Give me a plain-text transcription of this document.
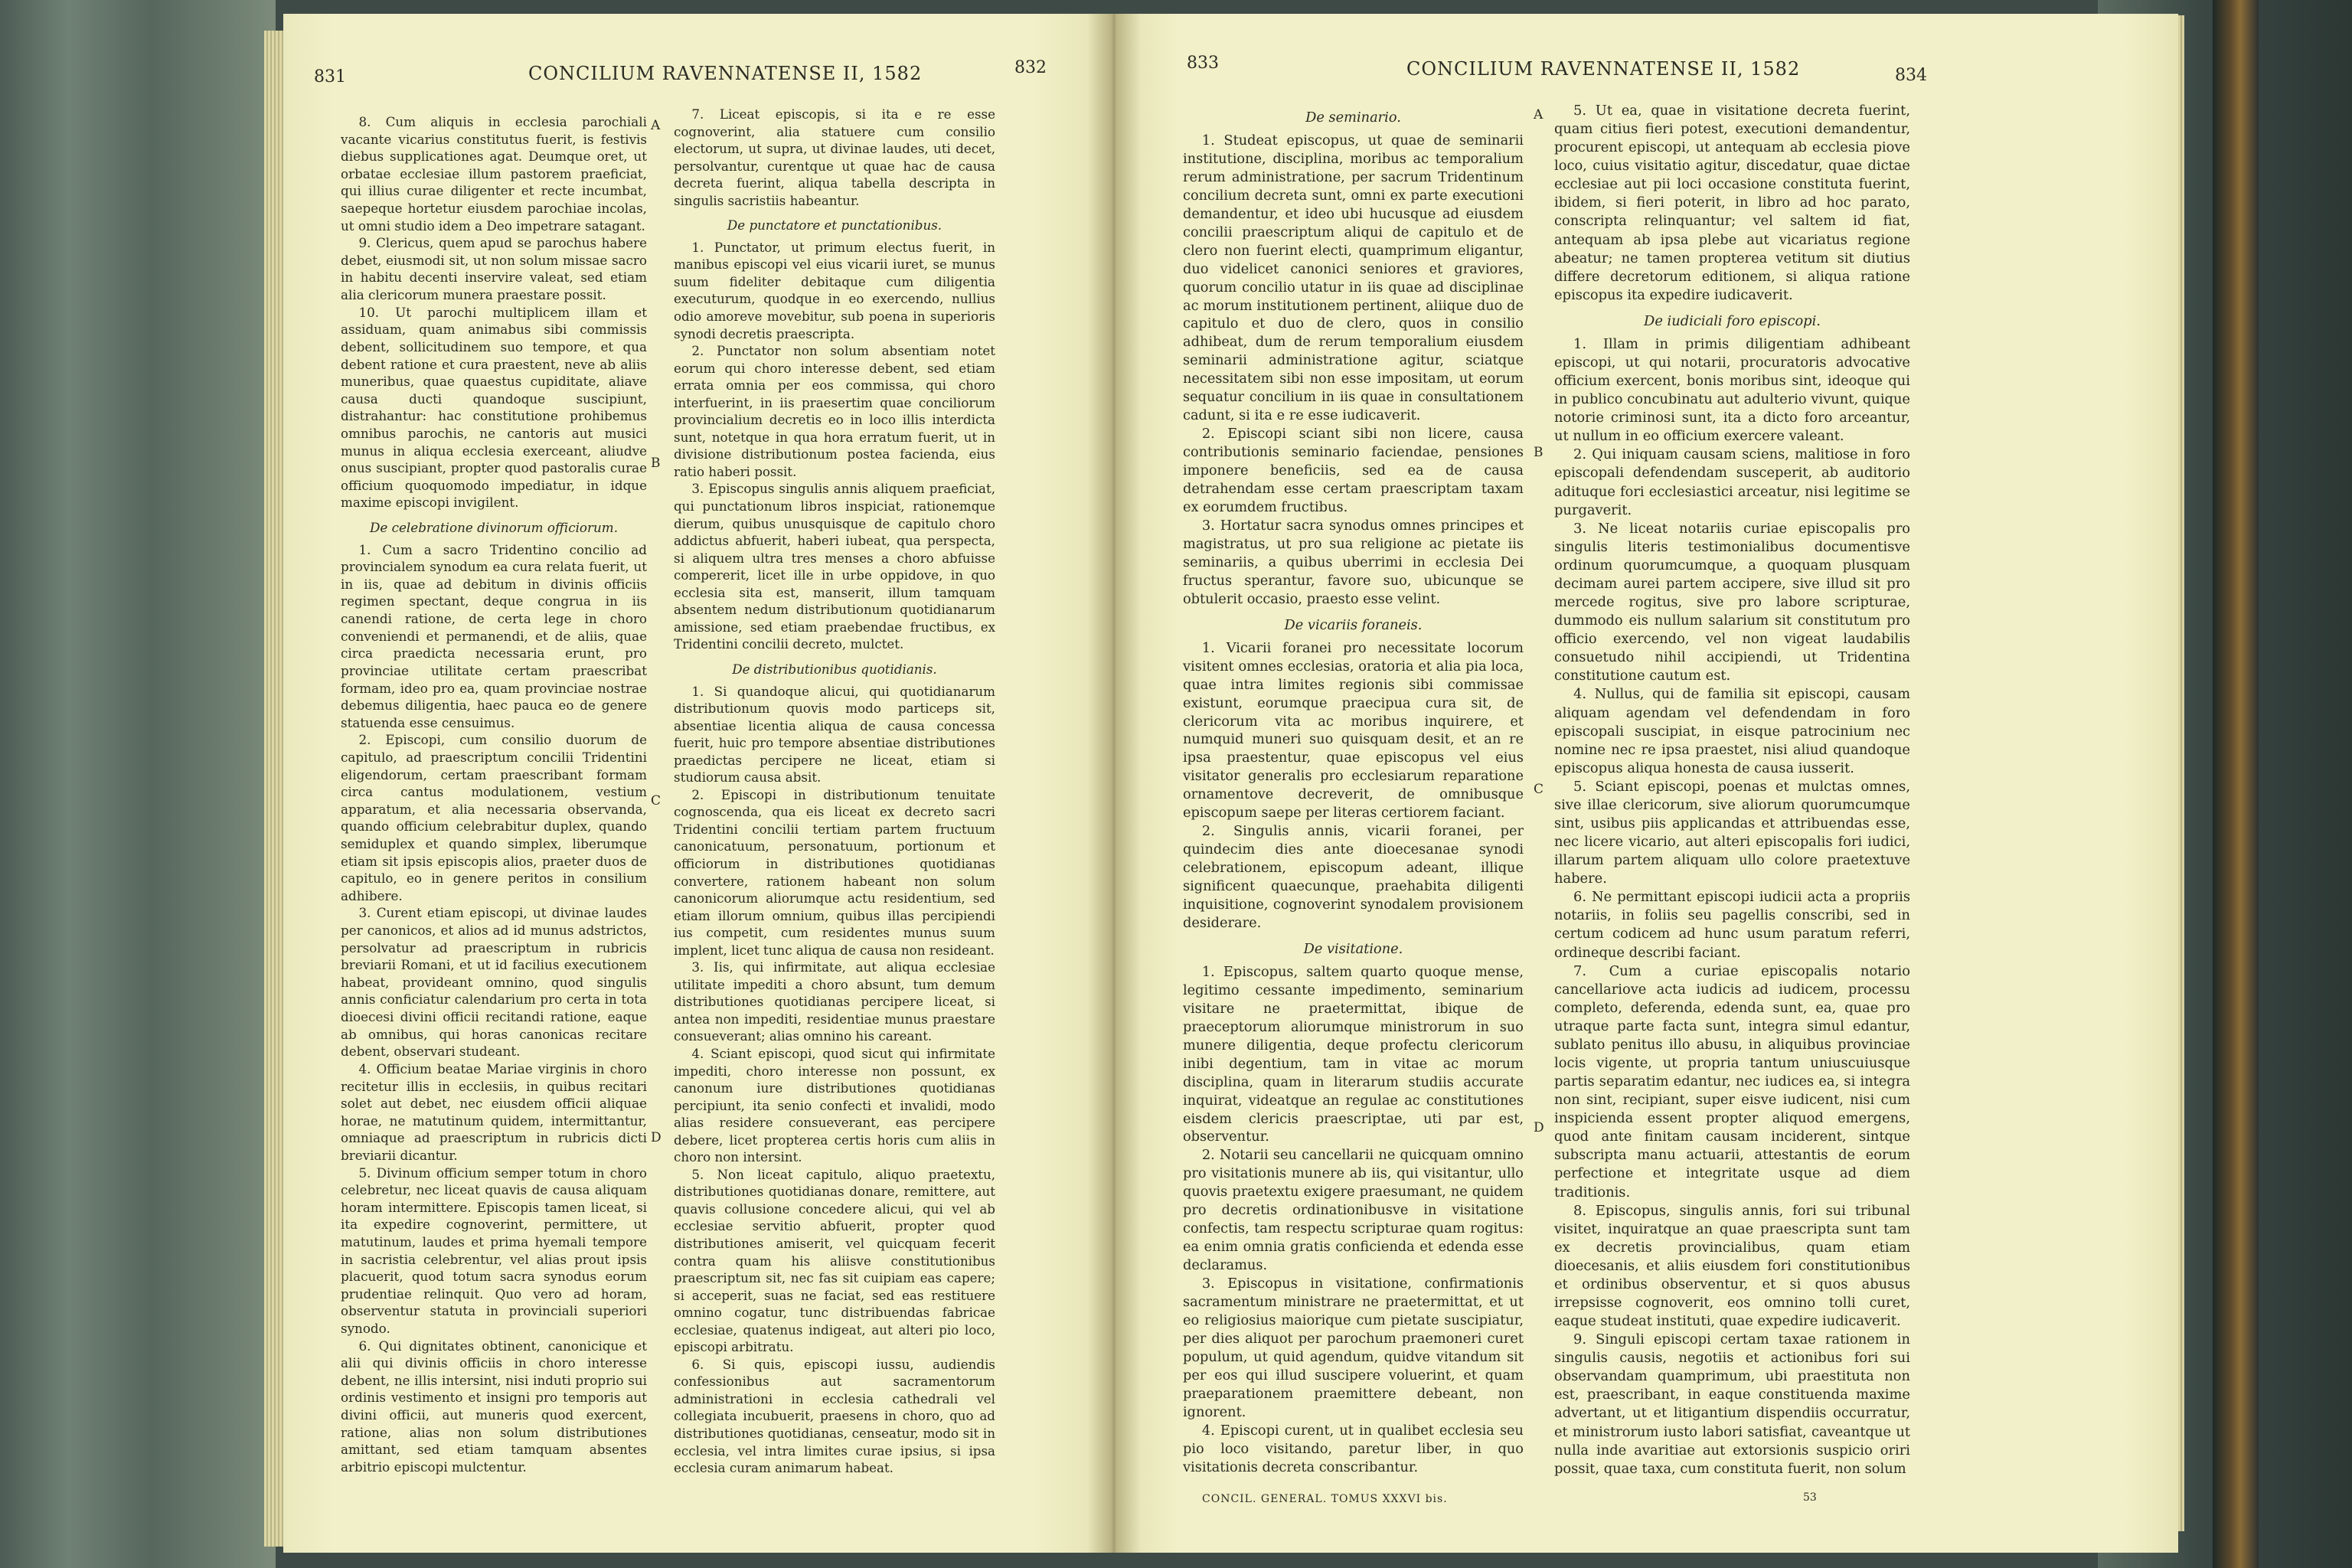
831	CONCILIUM RAVENNATENSE II, 1582	832

8. Cum aliquis in ecclesia parochiali vacante vicarius constitutus fuerit, is festivis diebus supplicationes agat. Deumque oret, ut orbatae ecclesiae illum pastorem praeficiat, qui illius curae diligenter et recte incumbat, saepeque hortetur eiusdem parochiae incolas, ut omni studio idem a Deo impetrare satagant.

9. Clericus, quem apud se parochus habere debet, eiusmodi sit, ut non solum missae sacro in habitu decenti inservire valeat, sed etiam alia clericorum munera praestare possit.

10. Ut parochi multiplicem illam et assiduam, quam animabus sibi commissis debent, sollicitudinem suo tempore, et qua debent ratione et cura praestent, neve ab aliis muneribus, quae quaestus cupiditate, aliave causa ducti quandoque suscipiunt, distrahantur: hac constitutione prohibemus omnibus parochis, ne cantoris aut musici munus in aliqua ecclesia exerceant, aliudve onus suscipiant, propter quod pastoralis curae officium quoquomodo impediatur, in idque maxime episcopi invigilent.

De celebratione divinorum officiorum.

1. Cum a sacro Tridentino concilio ad provincialem synodum ea cura relata fuerit, ut in iis, quae ad debitum in divinis officiis regimen spectant, deque congrua in iis canendi ratione, de certa lege in choro conveniendi et permanendi, et de aliis, quae circa praedicta necessaria erunt, pro provinciae utilitate certam praescribat formam, ideo pro ea, quam provinciae nostrae debemus diligentia, haec pauca eo de genere statuenda esse censuimus.

2. Episcopi, cum consilio duorum de capitulo, ad praescriptum concilii Tridentini eligendorum, certam praescribant formam circa cantus modulationem, vestium apparatum, et alia necessaria observanda, quando officium celebrabitur duplex, quando semiduplex et quando simplex, liberumque etiam sit ipsis episcopis alios, praeter duos de capitulo, eo in genere peritos in consilium adhibere.

3. Curent etiam episcopi, ut divinae laudes per canonicos, et alios ad id munus adstrictos, persolvatur ad praescriptum in rubricis breviarii Romani, et ut id facilius executionem habeat, provideant omnino, quod singulis annis conficiatur calendarium pro certa in tota dioecesi divini officii recitandi ratione, eaque ab omnibus, qui horas canonicas recitare debent, observari studeant.

4. Officium beatae Mariae virginis in choro recitetur illis in ecclesiis, in quibus recitari solet aut debet, nec eiusdem officii aliquae horae, ne matutinum quidem, intermittantur, omniaque ad praescriptum in rubricis dicti breviarii dicantur.

5. Divinum officium semper totum in choro celebretur, nec liceat quavis de causa aliquam horam intermittere. Episcopis tamen liceat, si ita expedire cognoverint, permittere, ut matutinum, laudes et prima hyemali tempore in sacristia celebrentur, vel alias prout ipsis placuerit, quod totum sacra synodus eorum prudentiae relinquit. Quo vero ad horam, observentur statuta in provinciali superiori synodo.

6. Qui dignitates obtinent, canonicique et alii qui divinis officiis in choro interesse debent, ne illis intersint, nisi induti proprio sui ordinis vestimento et insigni pro temporis aut divini officii, aut muneris quod exercent, ratione, alias non solum distributiones amittant, sed etiam tamquam absentes arbitrio episcopi mulctentur.

7. Liceat episcopis, si ita e re esse cognoverint, alia statuere cum consilio electorum, ut supra, ut divinae laudes, uti decet, persolvantur, curentque ut quae hac de causa decreta fuerint, aliqua tabella descripta in singulis sacristiis habeantur.

De punctatore et punctationibus.

1. Punctator, ut primum electus fuerit, in manibus episcopi vel eius vicarii iuret, se munus suum fideliter debitaque cum diligentia executurum, quodque in eo exercendo, nullius odio amoreve movebitur, sub poena in superioris synodi decretis praescripta.

2. Punctator non solum absentiam notet eorum qui choro interesse debent, sed etiam errata omnia per eos commissa, qui choro interfuerint, in iis praesertim quae conciliorum provincialium decretis eo in loco illis interdicta sunt, notetque in qua hora erratum fuerit, ut in divisione distributionum postea facienda, eius ratio haberi possit.

3. Episcopus singulis annis aliquem praeficiat, qui punctationum libros inspiciat, rationemque dierum, quibus unusquisque de capitulo choro addictus abfuerit, haberi iubeat, qua perspecta, si aliquem ultra tres menses a choro abfuisse compererit, licet ille in urbe oppidove, in quo ecclesia sita est, manserit, illum tamquam absentem nedum distributionum quotidianarum amissione, sed etiam praebendae fructibus, ex Tridentini concilii decreto, mulctet.

De distributionibus quotidianis.

1. Si quandoque alicui, qui quotidianarum distributionum quovis modo particeps sit, absentiae licentia aliqua de causa concessa fuerit, huic pro tempore absentiae distributiones praedictas percipere ne liceat, etiam si studiorum causa absit.

2. Episcopi in distributionum tenuitate cognoscenda, qua eis liceat ex decreto sacri Tridentini concilii tertiam partem fructuum canonicatuum, personatuum, portionum et officiorum in distributiones quotidianas convertere, rationem habeant non solum canonicorum aliorumque actu residentium, sed etiam illorum omnium, quibus illas percipiendi ius competit, cum residentes munus suum implent, licet tunc aliqua de causa non resideant.

3. Iis, qui infirmitate, aut aliqua ecclesiae utilitate impediti a choro absunt, tum demum distributiones quotidianas percipere liceat, si antea non impediti, residentiae munus praestare consueverant; alias omnino his careant.

4. Sciant episcopi, quod sicut qui infirmitate impediti, choro interesse non possunt, ex canonum iure distributiones quotidianas percipiunt, ita senio confecti et invalidi, modo alias residere consueverant, eas percipere debere, licet propterea certis horis cum aliis in choro non intersint.

5. Non liceat capitulo, aliquo praetextu, distributiones quotidianas donare, remittere, aut quavis collusione concedere alicui, qui vel ab ecclesiae servitio abfuerit, propter quod distributiones amiserit, vel quicquam fecerit contra quam his aliisve constitutionibus praescriptum sit, nec fas sit cuipiam eas capere; si acceperit, suas ne faciat, sed eas restituere omnino cogatur, tunc distribuendas fabricae ecclesiae, quatenus indigeat, aut alteri pio loco, episcopi arbitratu.

6. Si quis, episcopi iussu, audiendis confessionibus aut sacramentorum administrationi in ecclesia cathedrali vel collegiata incubuerit, praesens in choro, quo ad distributiones quotidianas, censeatur, modo sit in ecclesia, vel intra limites curae ipsius, si ipsa ecclesia curam animarum habeat.

A
B
C
D
833	CONCILIUM RAVENNATENSE II, 1582	834

De seminario.

1. Studeat episcopus, ut quae de seminarii institutione, disciplina, moribus ac temporalium rerum administratione, per sacrum Tridentinum concilium decreta sunt, omni ex parte executioni demandentur, et ideo ubi hucusque ad eiusdem concilii praescriptum aliqui de capitulo et de clero non fuerint electi, quamprimum eligantur, duo videlicet canonici seniores et graviores, quorum concilio utatur in iis quae ad disciplinae ac morum institutionem pertinent, aliique duo de capitulo et duo de clero, quos in consilio adhibeat, dum de rerum temporalium eiusdem seminarii administratione agitur, sciatque necessitatem sibi non esse impositam, ut eorum sequatur concilium in iis quae in consultationem cadunt, si ita e re esse iudicaverit.

2. Episcopi sciant sibi non licere, causa contributionis seminario faciendae, pensiones imponere beneficiis, sed ea de causa detrahendam esse certam praescriptam taxam ex eorumdem fructibus.

3. Hortatur sacra synodus omnes principes et magistratus, ut pro sua religione ac pietate iis seminariis, a quibus uberrimi in ecclesia Dei fructus sperantur, favore suo, ubicunque se obtulerit occasio, praesto esse velint.

De vicariis foraneis.

1. Vicarii foranei pro necessitate locorum visitent omnes ecclesias, oratoria et alia pia loca, quae intra limites regionis sibi commissae existunt, eorumque praecipua cura sit, de clericorum vita ac moribus inquirere, et numquid muneri suo quisquam desit, et an re ipsa praestentur, quae episcopus vel eius visitator generalis pro ecclesiarum reparatione ornamentove decreverit, de omnibusque episcopum saepe per literas certiorem faciant.

2. Singulis annis, vicarii foranei, per quindecim dies ante dioecesanae synodi celebrationem, episcopum adeant, illique significent quaecunque, praehabita diligenti inquisitione, cognoverint synodalem provisionem desiderare.

De visitatione.

1. Episcopus, saltem quarto quoque mense, legitimo cessante impedimento, seminarium visitare ne praetermittat, ibique de praeceptorum aliorumque ministrorum in suo munere diligentia, deque profectu clericorum inibi degentium, tam in vitae ac morum disciplina, quam in literarum studiis accurate inquirat, videatque an regulae ac constitutiones eisdem clericis praescriptae, uti par est, observentur.

2. Notarii seu cancellarii ne quicquam omnino pro visitationis munere ab iis, qui visitantur, ullo quovis praetextu exigere praesumant, ne quidem pro decretis ordinationibusve in visitatione confectis, tam respectu scripturae quam rogitus: ea enim omnia gratis conficienda et edenda esse declaramus.

3. Episcopus in visitatione, confirmationis sacramentum ministrare ne praetermittat, et ut eo religiosius maiorique cum pietate suscipiatur, per dies aliquot per parochum praemoneri curet populum, ut quid agendum, quidve vitandum sit per eos qui illud suscipere voluerint, et quam praeparationem praemittere debeant, non ignorent.

4. Episcopi curent, ut in qualibet ecclesia seu pio loco visitando, paretur liber, in quo visitationis decreta conscribantur.

5. Ut ea, quae in visitatione decreta fuerint, quam citius fieri potest, executioni demandentur, procurent episcopi, ut antequam ab ecclesia piove loco, cuius visitatio agitur, discedatur, quae dictae ecclesiae aut pii loci occasione constituta fuerint, ibidem, si fieri poterit, in libro ad hoc parato, conscripta relinquantur; vel saltem id fiat, antequam ab ipsa plebe aut vicariatus regione abeatur; ne tamen propterea vetitum sit diutius differe decretorum editionem, si aliqua ratione episcopus ita expedire iudicaverit.

De iudiciali foro episcopi.

1. Illam in primis diligentiam adhibeant episcopi, ut qui notarii, procuratoris advocative officium exercent, bonis moribus sint, ideoque qui in publico concubinatu aut adulterio vivunt, quique notorie criminosi sunt, ita a dicto foro arceantur, ut nullum in eo officium exercere valeant.

2. Qui iniquam causam sciens, malitiose in foro episcopali defendendam susceperit, ab auditorio adituque fori ecclesiastici arceatur, nisi legitime se purgaverit.

3. Ne liceat notariis curiae episcopalis pro singulis literis testimonialibus documentisve ordinum quorumcumque, a quoquam plusquam decimam aurei partem accipere, sive illud sit pro mercede rogitus, sive pro labore scripturae, dummodo eis nullum salarium sit constitutum pro officio exercendo, vel non vigeat laudabilis consuetudo nihil accipiendi, ut Tridentina constitutione cautum est.

4. Nullus, qui de familia sit episcopi, causam aliquam agendam vel defendendam in foro episcopali suscipiat, in eisque patrocinium nec nomine nec re ipsa praestet, nisi aliud quandoque episcopus aliqua honesta de causa iusserit.

5. Sciant episcopi, poenas et mulctas omnes, sive illae clericorum, sive aliorum quorumcumque sint, usibus piis applicandas et attribuendas esse, nec licere vicario, aut alteri episcopalis fori iudici, illarum partem aliquam ullo colore praetextuve habere.

6. Ne permittant episcopi iudicii acta a propriis notariis, in foliis seu pagellis conscribi, sed in certum codicem ad hunc usum paratum referri, ordineque describi faciant.

7. Cum a curiae episcopalis notario cancellariove acta iudicis ad iudicem, processu completo, deferenda, edenda sunt, ea, quae pro utraque parte facta sunt, integra simul edantur, sublato penitus illo abusu, in aliquibus provinciae locis vigente, ut propria tantum uniuscuiusque partis separatim edantur, nec iudices ea, si integra non sint, recipiant, super eisve iudicent, nisi cum inspicienda essent propter aliquod emergens, quod ante finitam causam inciderent, sintque subscripta manu actuarii, attestantis de eorum perfectione et integritate usque ad diem traditionis.

8. Episcopus, singulis annis, fori sui tribunal visitet, inquiratque an quae praescripta sunt tam ex decretis provincialibus, quam etiam dioecesanis, et aliis eiusdem fori constitutionibus et ordinibus observentur, et si quos abusus irrepsisse cognoverit, eos omnino tolli curet, eaque studeat instituti, quae expedire iudicaverit.

9. Singuli episcopi certam taxae rationem in singulis causis, negotiis et actionibus fori sui observandam quamprimum, ubi praestituta non est, praescribant, in eaque constituenda maxime advertant, ut et litigantium dispendiis occurratur, et ministrorum iusto labori satisfiat, caveantque ut nulla inde avaritiae aut extorsionis suspicio oriri possit, quae taxa, cum constituta fuerit, non solum

A
B
C
D
CONCIL. GENERAL. TOMUS XXXVI bis.	53
